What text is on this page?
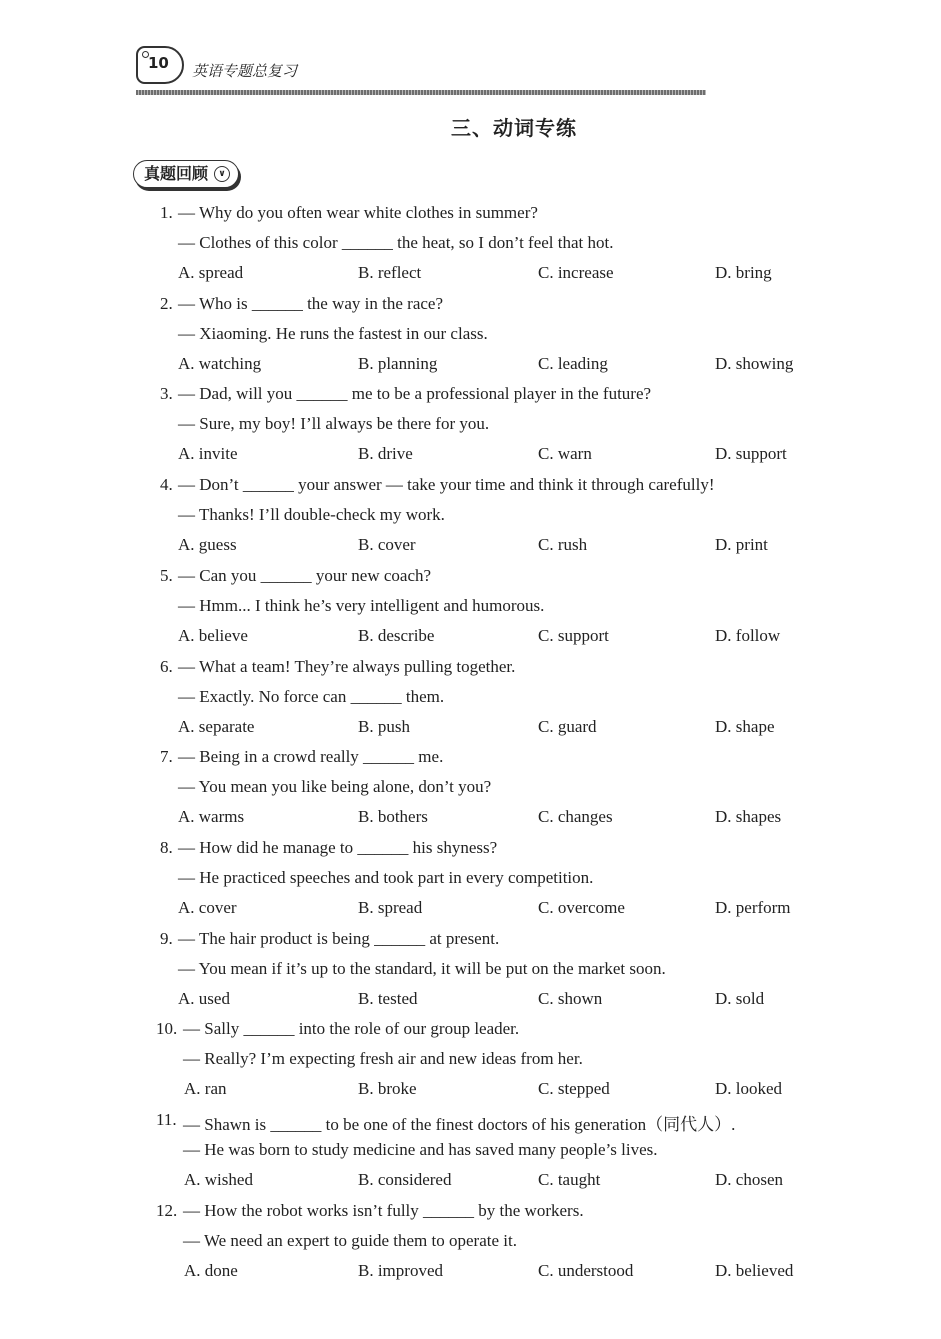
10 英语专题总复习
三、动词专练
真题回顾	∨
1. — Why do you often wear white clothes in summer?
— Clothes of this color ______ the heat, so I don’t feel that hot.
A. spread	B. reflect	C. increase	D. bring
2. — Who is ______ the way in the race?
— Xiaoming. He runs the fastest in our class.
A. watching	B. planning	C. leading	D. showing
3. — Dad, will you ______ me to be a professional player in the future?
— Sure, my boy! I’ll always be there for you.
A. invite	B. drive	C. warn	D. support
4. — Don’t ______ your answer — take your time and think it through carefully!
— Thanks! I’ll double-check my work.
A. guess	B. cover	C. rush	D. print
5. — Can you ______ your new coach?
— Hmm... I think he’s very intelligent and humorous.
A. believe	B. describe	C. support	D. follow
6. — What a team! They’re always pulling together.
— Exactly. No force can ______ them.
A. separate	B. push	C. guard	D. shape
7. — Being in a crowd really ______ me.
— You mean you like being alone, don’t you?
A. warms	B. bothers	C. changes	D. shapes
8. — How did he manage to ______ his shyness?
— He practiced speeches and took part in every competition.
A. cover	B. spread	C. overcome	D. perform
9. — The hair product is being ______ at present.
— You mean if it’s up to the standard, it will be put on the market soon.
A. used	B. tested	C. shown	D. sold
10. — Sally ______ into the role of our group leader.
— Really? I’m expecting fresh air and new ideas from her.
A. ran	B. broke	C. stepped	D. looked
11. — Shawn is ______ to be one of the finest doctors of his generation（同代人）.
— He was born to study medicine and has saved many people’s lives.
A. wished	B. considered	C. taught	D. chosen
12. — How the robot works isn’t fully ______ by the workers.
— We need an expert to guide them to operate it.
A. done	B. improved	C. understood	D. believed
